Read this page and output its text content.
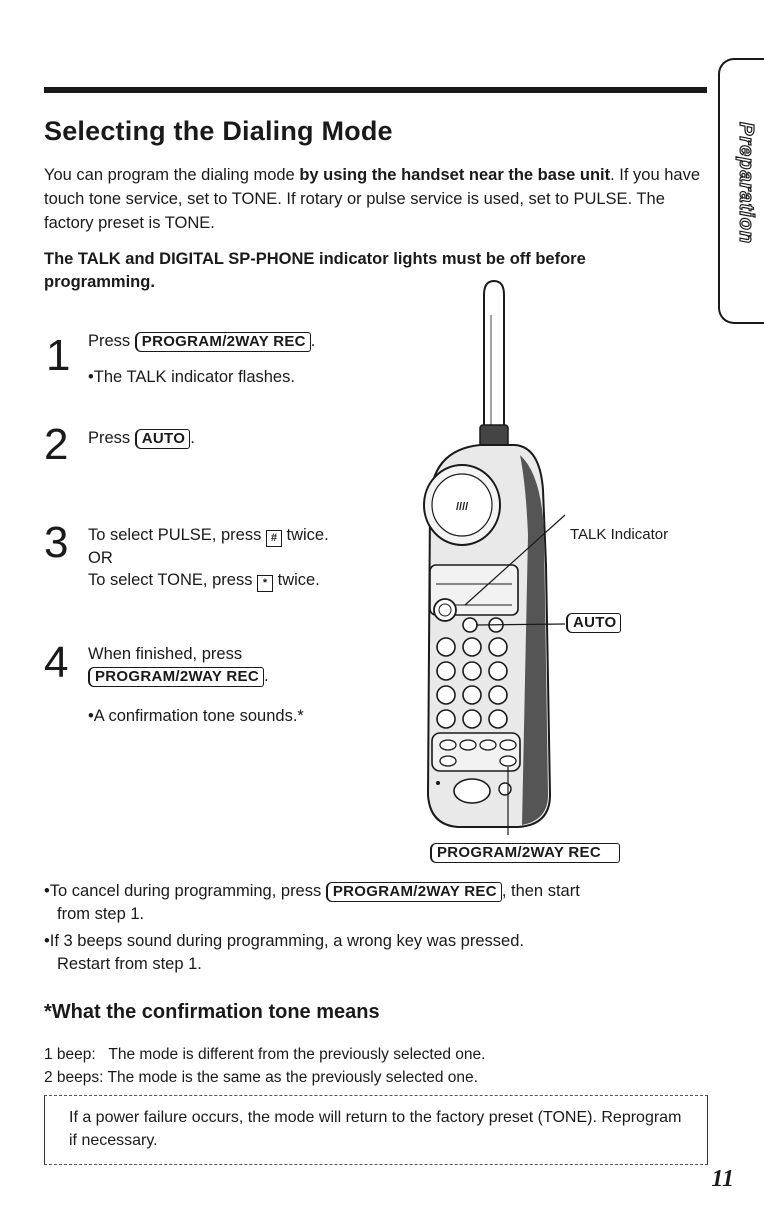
Preparation
Selecting the Dialing Mode
You can program the dialing mode by using the handset near the base unit. If you have touch tone service, set to TONE. If rotary or pulse service is used, set to PULSE. The factory preset is TONE.
The TALK and DIGITAL SP-PHONE indicator lights must be off before programming.
1 Press PROGRAM/2WAY REC .
•The TALK indicator flashes.
2 Press AUTO .
3 To select PULSE, press # twice.
OR
To select TONE, press * twice.
4 When finished, press
PROGRAM/2WAY REC .
•A confirmation tone sounds.*
////
TALK Indicator
AUTO
PROGRAM/2WAY REC
•To cancel during programming, press PROGRAM/2WAY REC , then start
from step 1.
•If 3 beeps sound during programming, a wrong key was pressed.
Restart from step 1.
*What the confirmation tone means
1 beep:   The mode is different from the previously selected one.
2 beeps: The mode is the same as the previously selected one.
If a power failure occurs, the mode will return to the factory preset (TONE). Reprogram if necessary.
11
